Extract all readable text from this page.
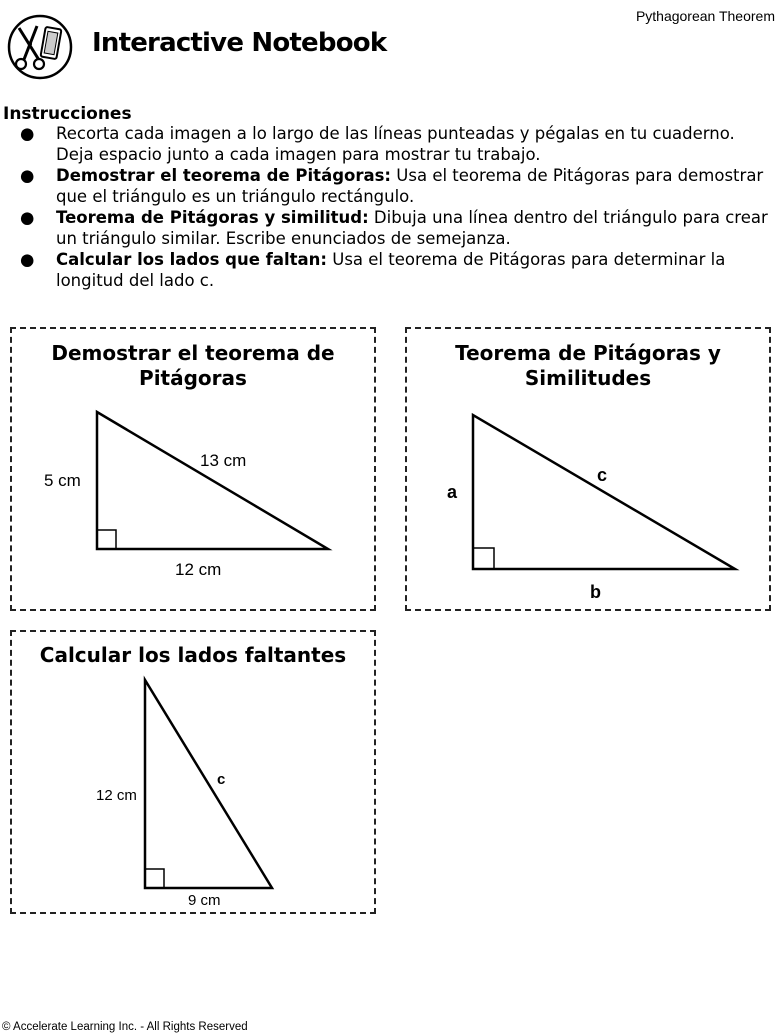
Pythagorean Theorem
Interactive Notebook
Instrucciones
● Recorta cada imagen a lo largo de las líneas punteadas y pégalas en tu cuaderno. Deja espacio junto a cada imagen para mostrar tu trabajo.
● Demostrar el teorema de Pitágoras: Usa el teorema de Pitágoras para demostrar que el triángulo es un triángulo rectángulo.
● Teorema de Pitágoras y similitud: Dibuja una línea dentro del triángulo para crear un triángulo similar. Escribe enunciados de semejanza.
● Calcular los lados que faltan: Usa el teorema de Pitágoras para determinar la longitud del lado c.
Demostrar el teorema de
Pitágoras
5 cm
13 cm
12 cm
Teorema de Pitágoras y
Similitudes
a
c
b
Calcular los lados faltantes
12 cm
c
9 cm
© Accelerate Learning Inc. - All Rights Reserved
